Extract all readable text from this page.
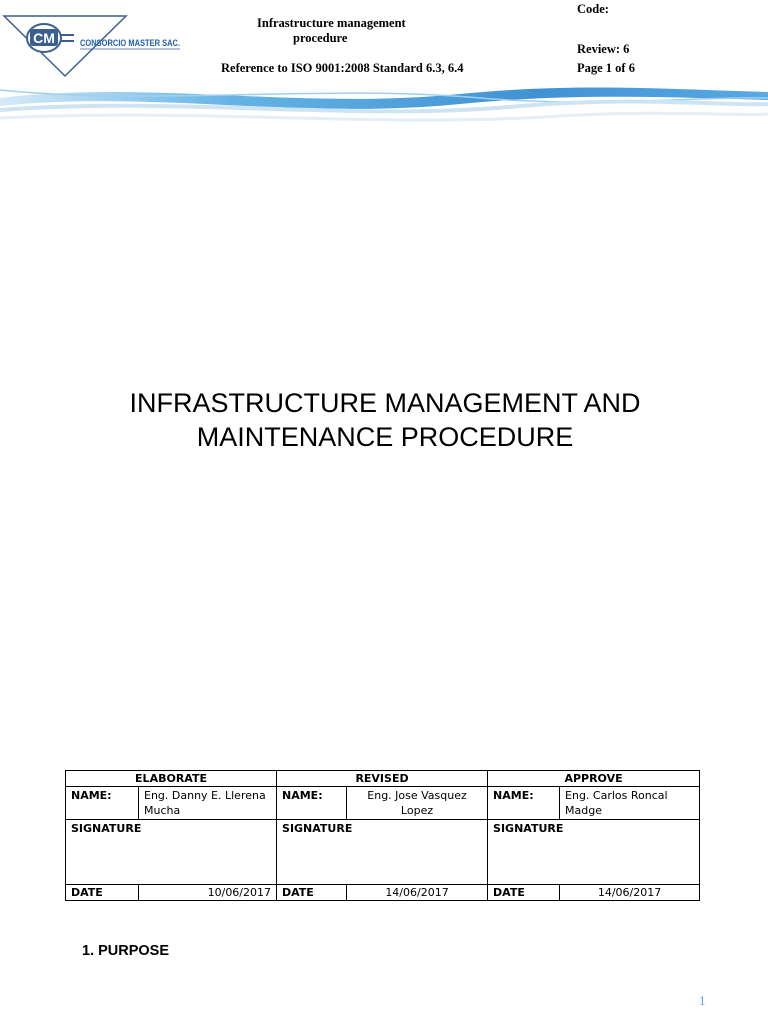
CM	CONSORCIO MASTER SAC.
Infrastructure management
procedure
Reference to ISO 9001:2008 Standard 6.3, 6.4
Code:
Review: 6
Page 1 of 6
INFRASTRUCTURE MANAGEMENT AND
MAINTENANCE PROCEDURE
ELABORATE		REVISED		APPROVE	
NAME:	Eng. Danny E. Llerena Mucha	NAME:	Eng. Jose Vasquez Lopez	NAME:	Eng. Carlos Roncal Madge
SIGNATURE		SIGNATURE		SIGNATURE	
DATE	10/06/2017	DATE	14/06/2017	DATE	14/06/2017
1. PURPOSE
1
